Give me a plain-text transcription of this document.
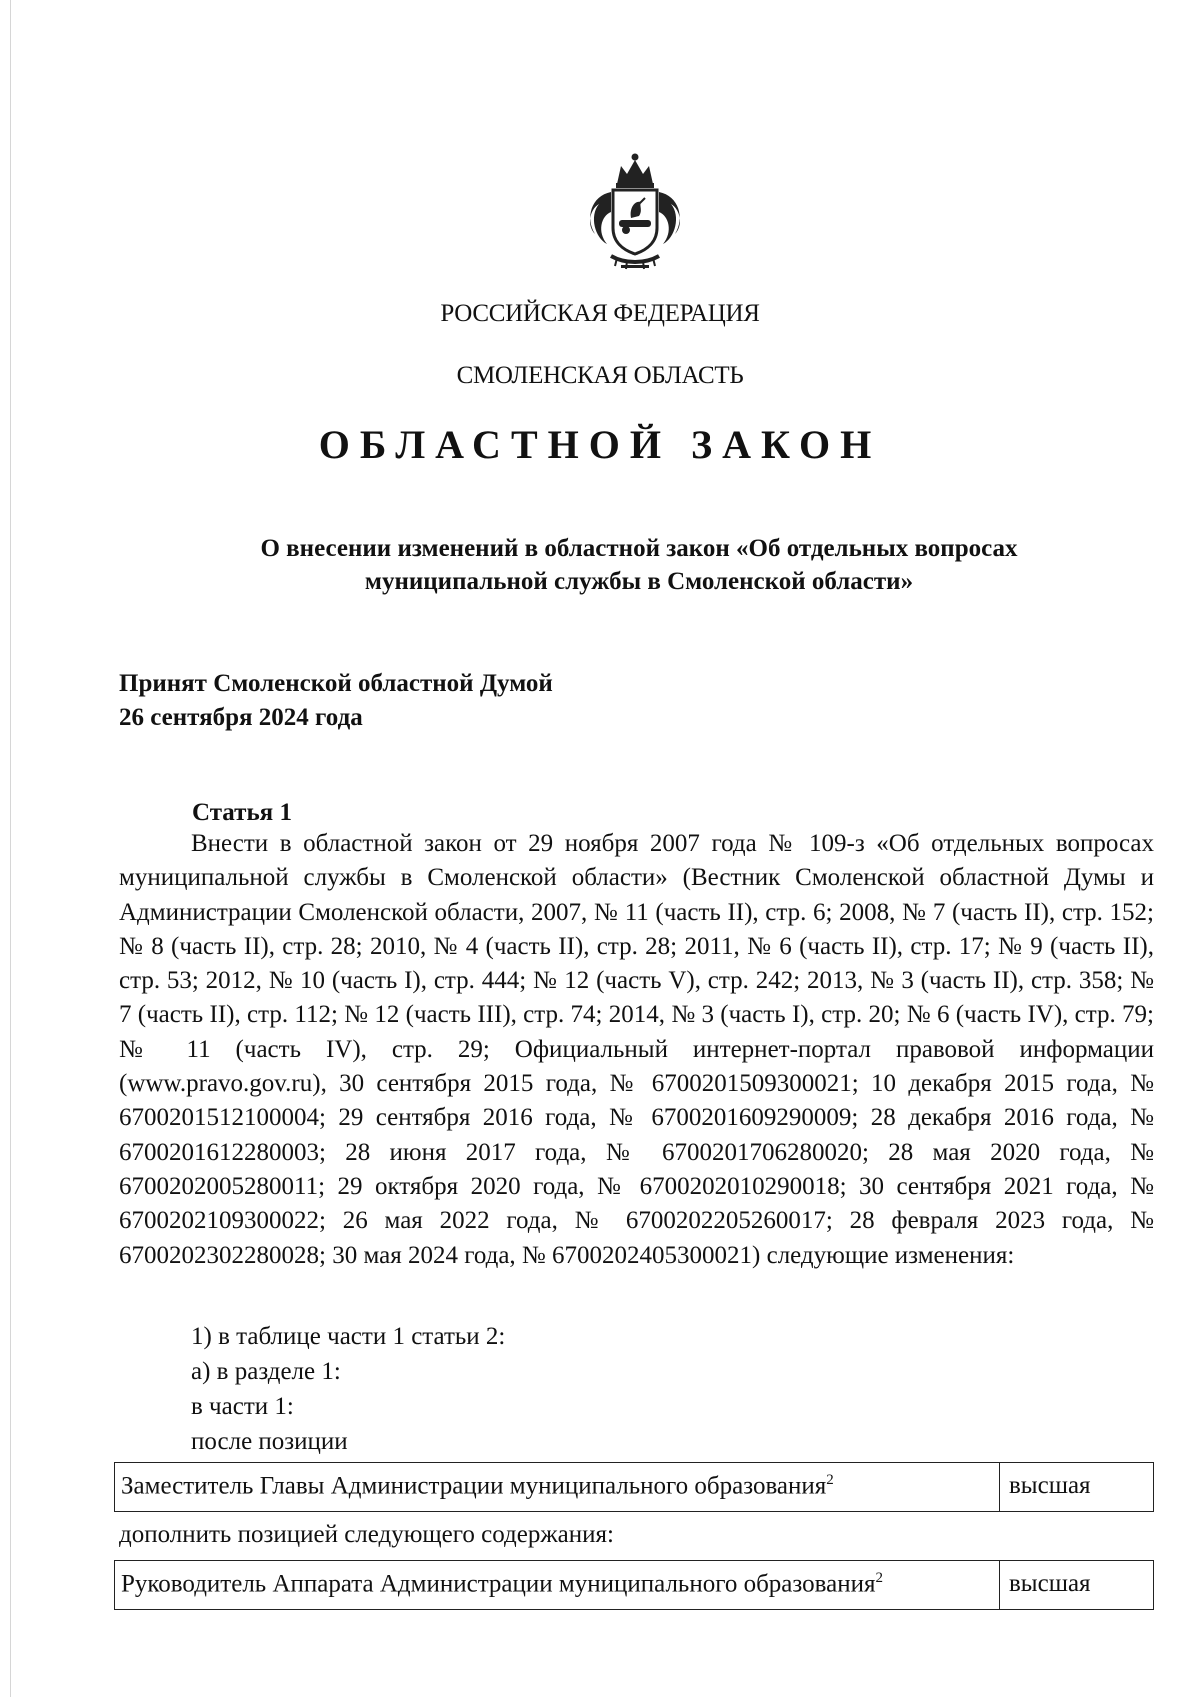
РОССИЙСКАЯ ФЕДЕРАЦИЯ
СМОЛЕНСКАЯ ОБЛАСТЬ
ОБЛАСТНОЙ ЗАКОН
О внесении изменений в областной закон «Об отдельных вопросах
муниципальной службы в Смоленской области»
Принят Смоленской областной Думой
26 сентября 2024 года
Статья 1

Внести в областной закон от 29 ноября 2007 года № 109-з «Об отдельных вопросах муниципальной службы в Смоленской области» (Вестник Смоленской областной Думы и Администрации Смоленской области, 2007, № 11 (часть II), стр. 6; 2008, № 7 (часть II), стр. 152; № 8 (часть II), стр. 28; 2010, № 4 (часть II), стр. 28; 2011, № 6 (часть II), стр. 17; № 9 (часть II), стр. 53; 2012, № 10 (часть I), стр. 444; № 12 (часть V), стр. 242; 2013, № 3 (часть II), стр. 358; № 7 (часть II), стр. 112; № 12 (часть III), стр. 74; 2014, № 3 (часть I), стр. 20; № 6 (часть IV), стр. 79; № 11 (часть IV), стр. 29; Официальный интернет-портал правовой информации (www.pravo.gov.ru), 30 сентября 2015 года, № 6700201509300021; 10 декабря 2015 года, № 6700201512100004; 29 сентября 2016 года, № 6700201609290009; 28 декабря 2016 года, № 6700201612280003; 28 июня 2017 года, № 6700201706280020; 28 мая 2020 года, № 6700202005280011; 29 октября 2020 года, № 6700202010290018; 30 сентября 2021 года, № 6700202109300022; 26 мая 2022 года, № 6700202205260017; 28 февраля 2023 года, № 6700202302280028; 30 мая 2024 года, № 6700202405300021) следующие изменения:

1) в таблице части 1 статьи 2:
а) в разделе 1:
в части 1:
после позиции
Заместитель Главы Администрации муниципального образования$^2$	высшая
дополнить позицией следующего содержания:
Руководитель Аппарата Администрации муниципального образования$^2$	высшая
